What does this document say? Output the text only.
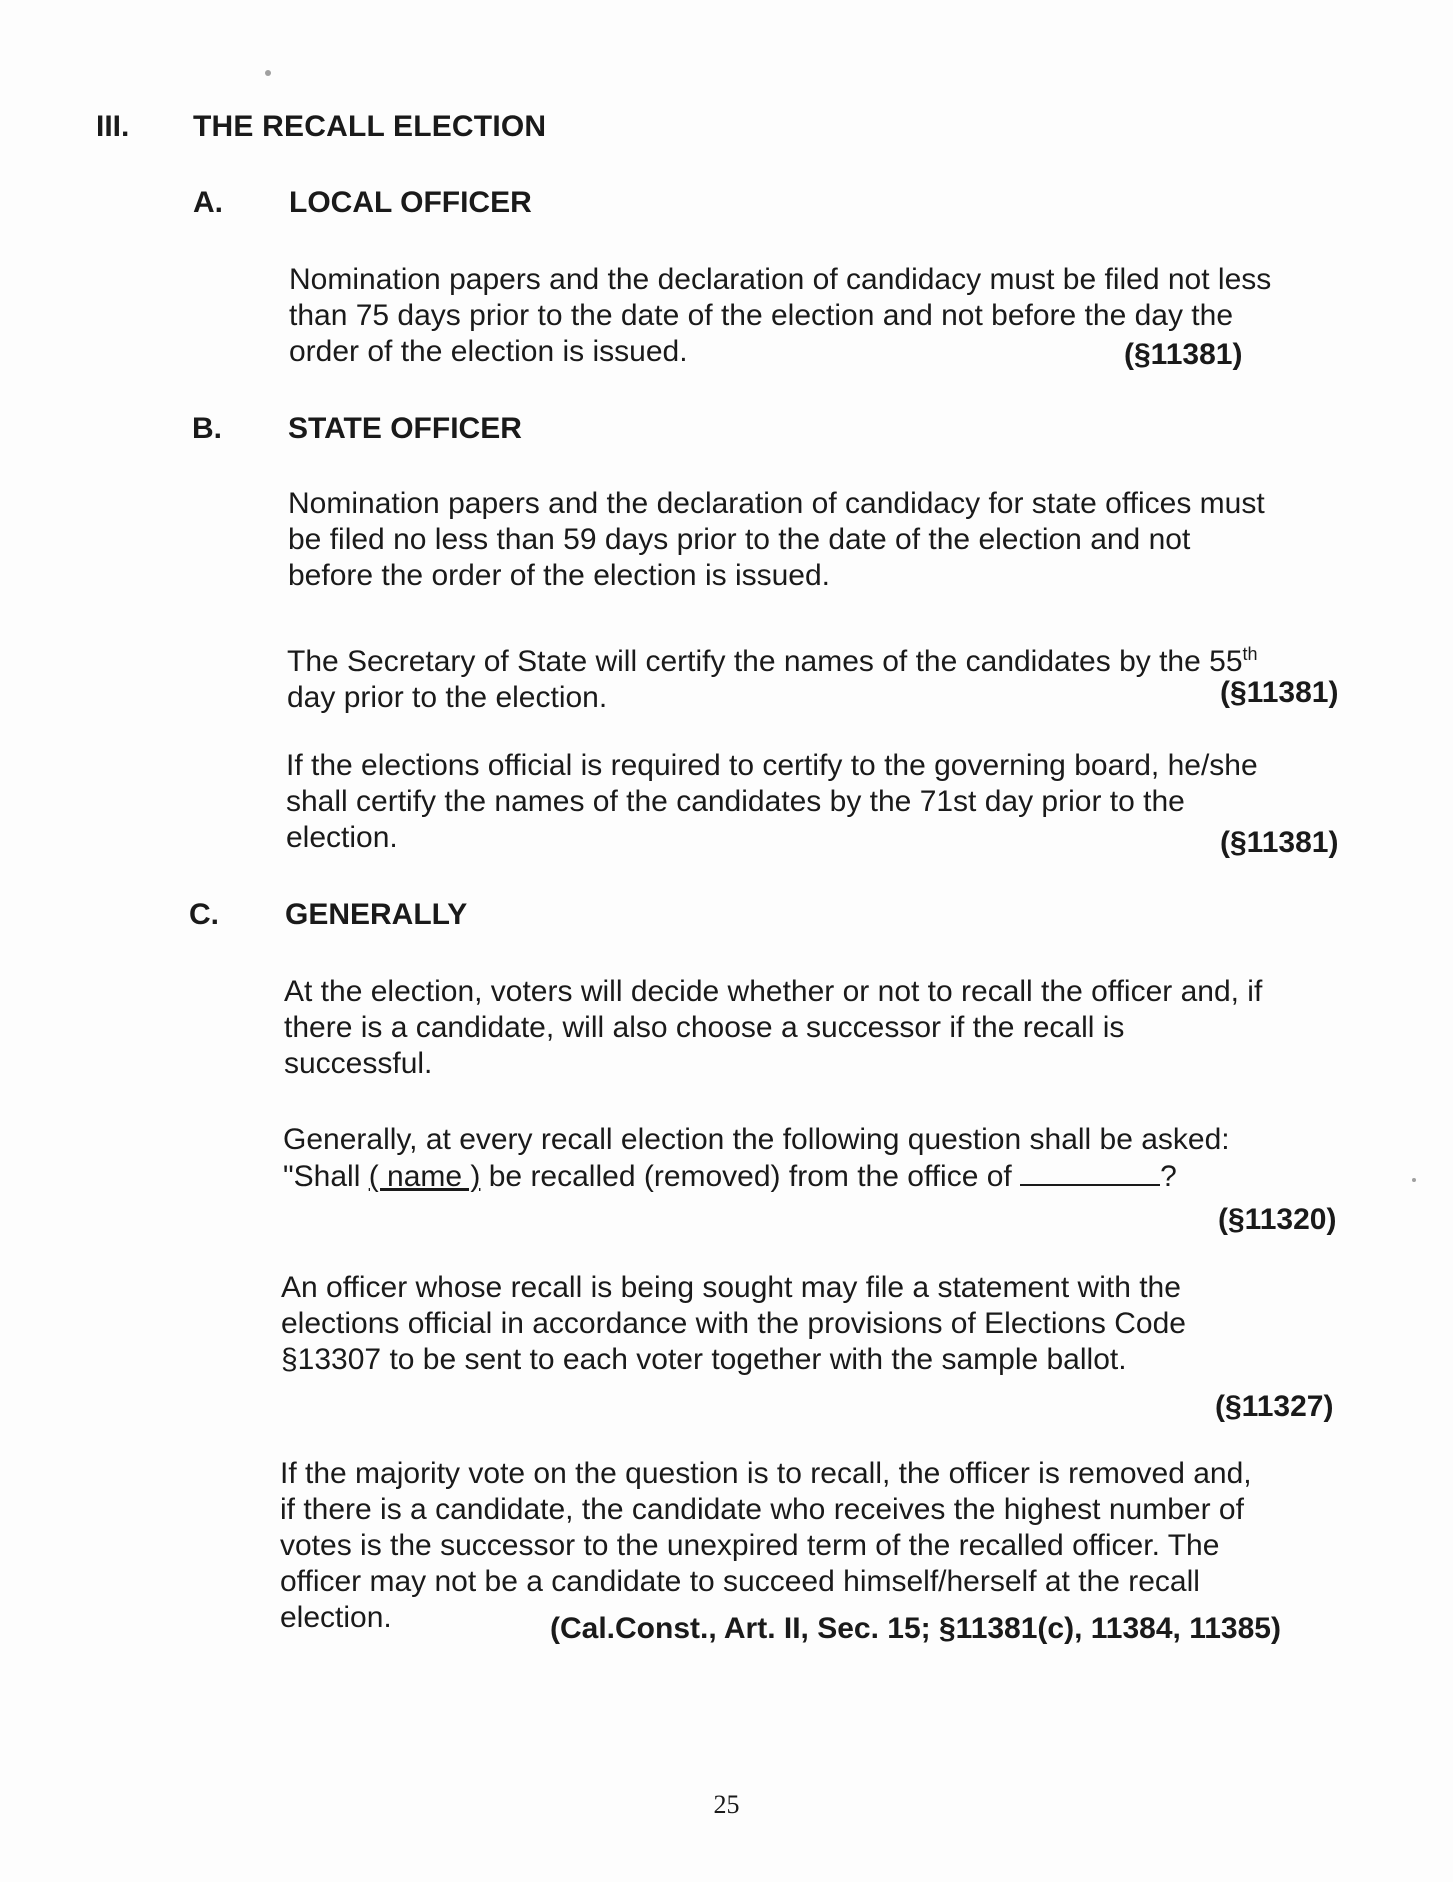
III. THE RECALL ELECTION
A. LOCAL OFFICER
Nomination papers and the declaration of candidacy must be filed not less
than 75 days prior to the date of the election and not before the day the
order of the election is issued.	(§11381)
B. STATE OFFICER
Nomination papers and the declaration of candidacy for state offices must
be filed no less than 59 days prior to the date of the election and not
before the order of the election is issued.
The Secretary of State will certify the names of the candidates by the 55th
day prior to the election.	(§11381)
If the elections official is required to certify to the governing board, he/she
shall certify the names of the candidates by the 71st day prior to the
election.	(§11381)
C. GENERALLY
At the election, voters will decide whether or not to recall the officer and, if
there is a candidate, will also choose a successor if the recall is
successful.
Generally, at every recall election the following question shall be asked:
"Shall ( name ) be recalled (removed) from the office of	?
(§11320)
An officer whose recall is being sought may file a statement with the
elections official in accordance with the provisions of Elections Code
§13307 to be sent to each voter together with the sample ballot.
(§11327)
If the majority vote on the question is to recall, the officer is removed and,
if there is a candidate, the candidate who receives the highest number of
votes is the successor to the unexpired term of the recalled officer. The
officer may not be a candidate to succeed himself/herself at the recall
election.	(Cal.Const., Art. II, Sec. 15; §11381(c), 11384, 11385)
25
